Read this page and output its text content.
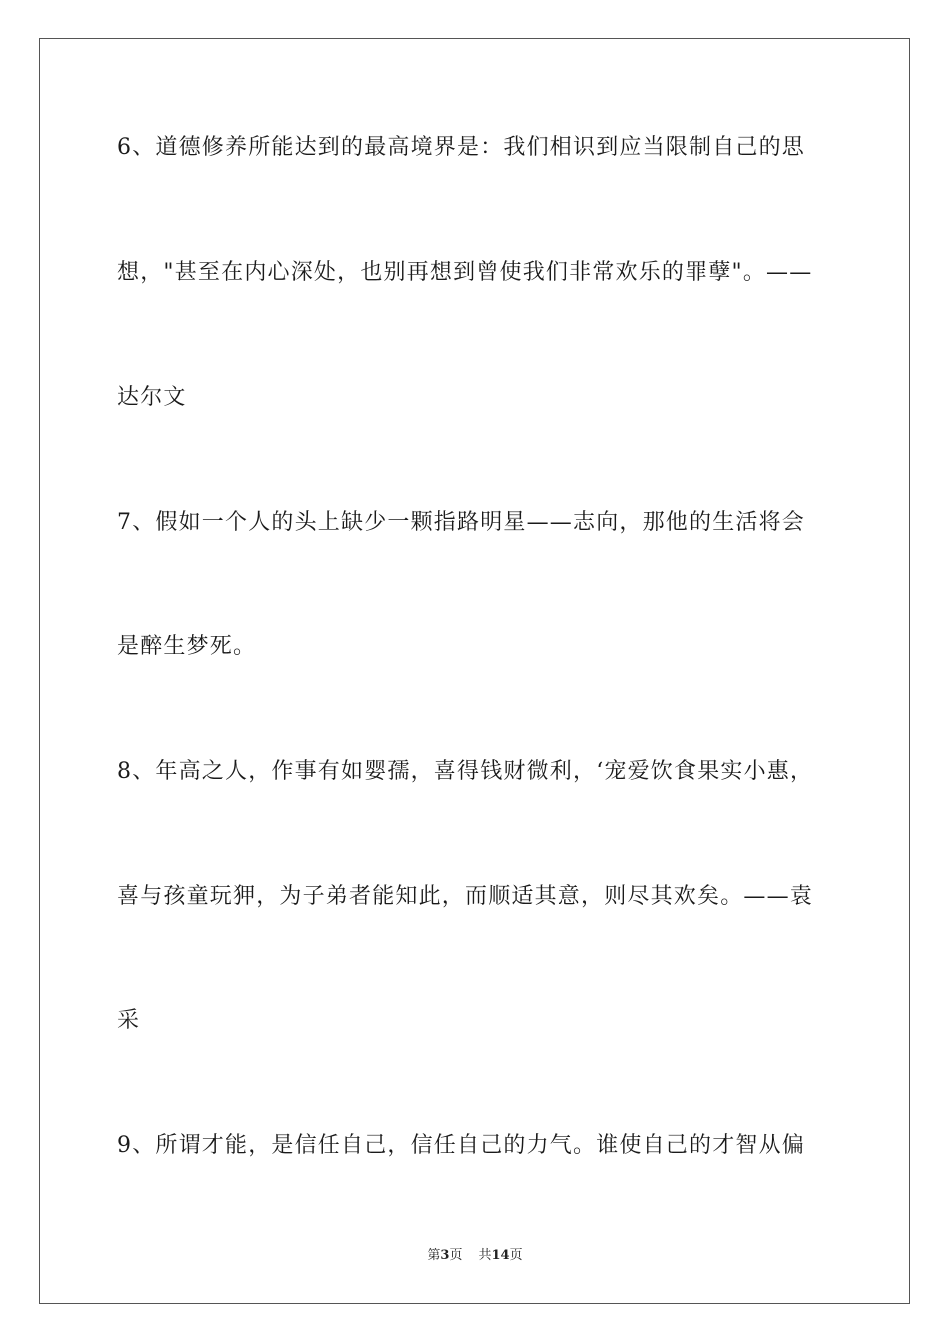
6、道德修养所能达到的最高境界是：我们相识到应当限制自己的思
想，"甚至在内心深处，也别再想到曾使我们非常欢乐的罪孽"。——
达尔文
7、假如一个人的头上缺少一颗指路明星——志向，那他的生活将会
是醉生梦死。
8、年高之人，作事有如婴孺，喜得钱财微利，‘宠爱饮食果实小惠，
喜与孩童玩狎，为子弟者能知此，而顺适其意，则尽其欢矣。——袁
采
9、所谓才能，是信任自己，信任自己的力气。谁使自己的才智从偏
第3页 共14页
